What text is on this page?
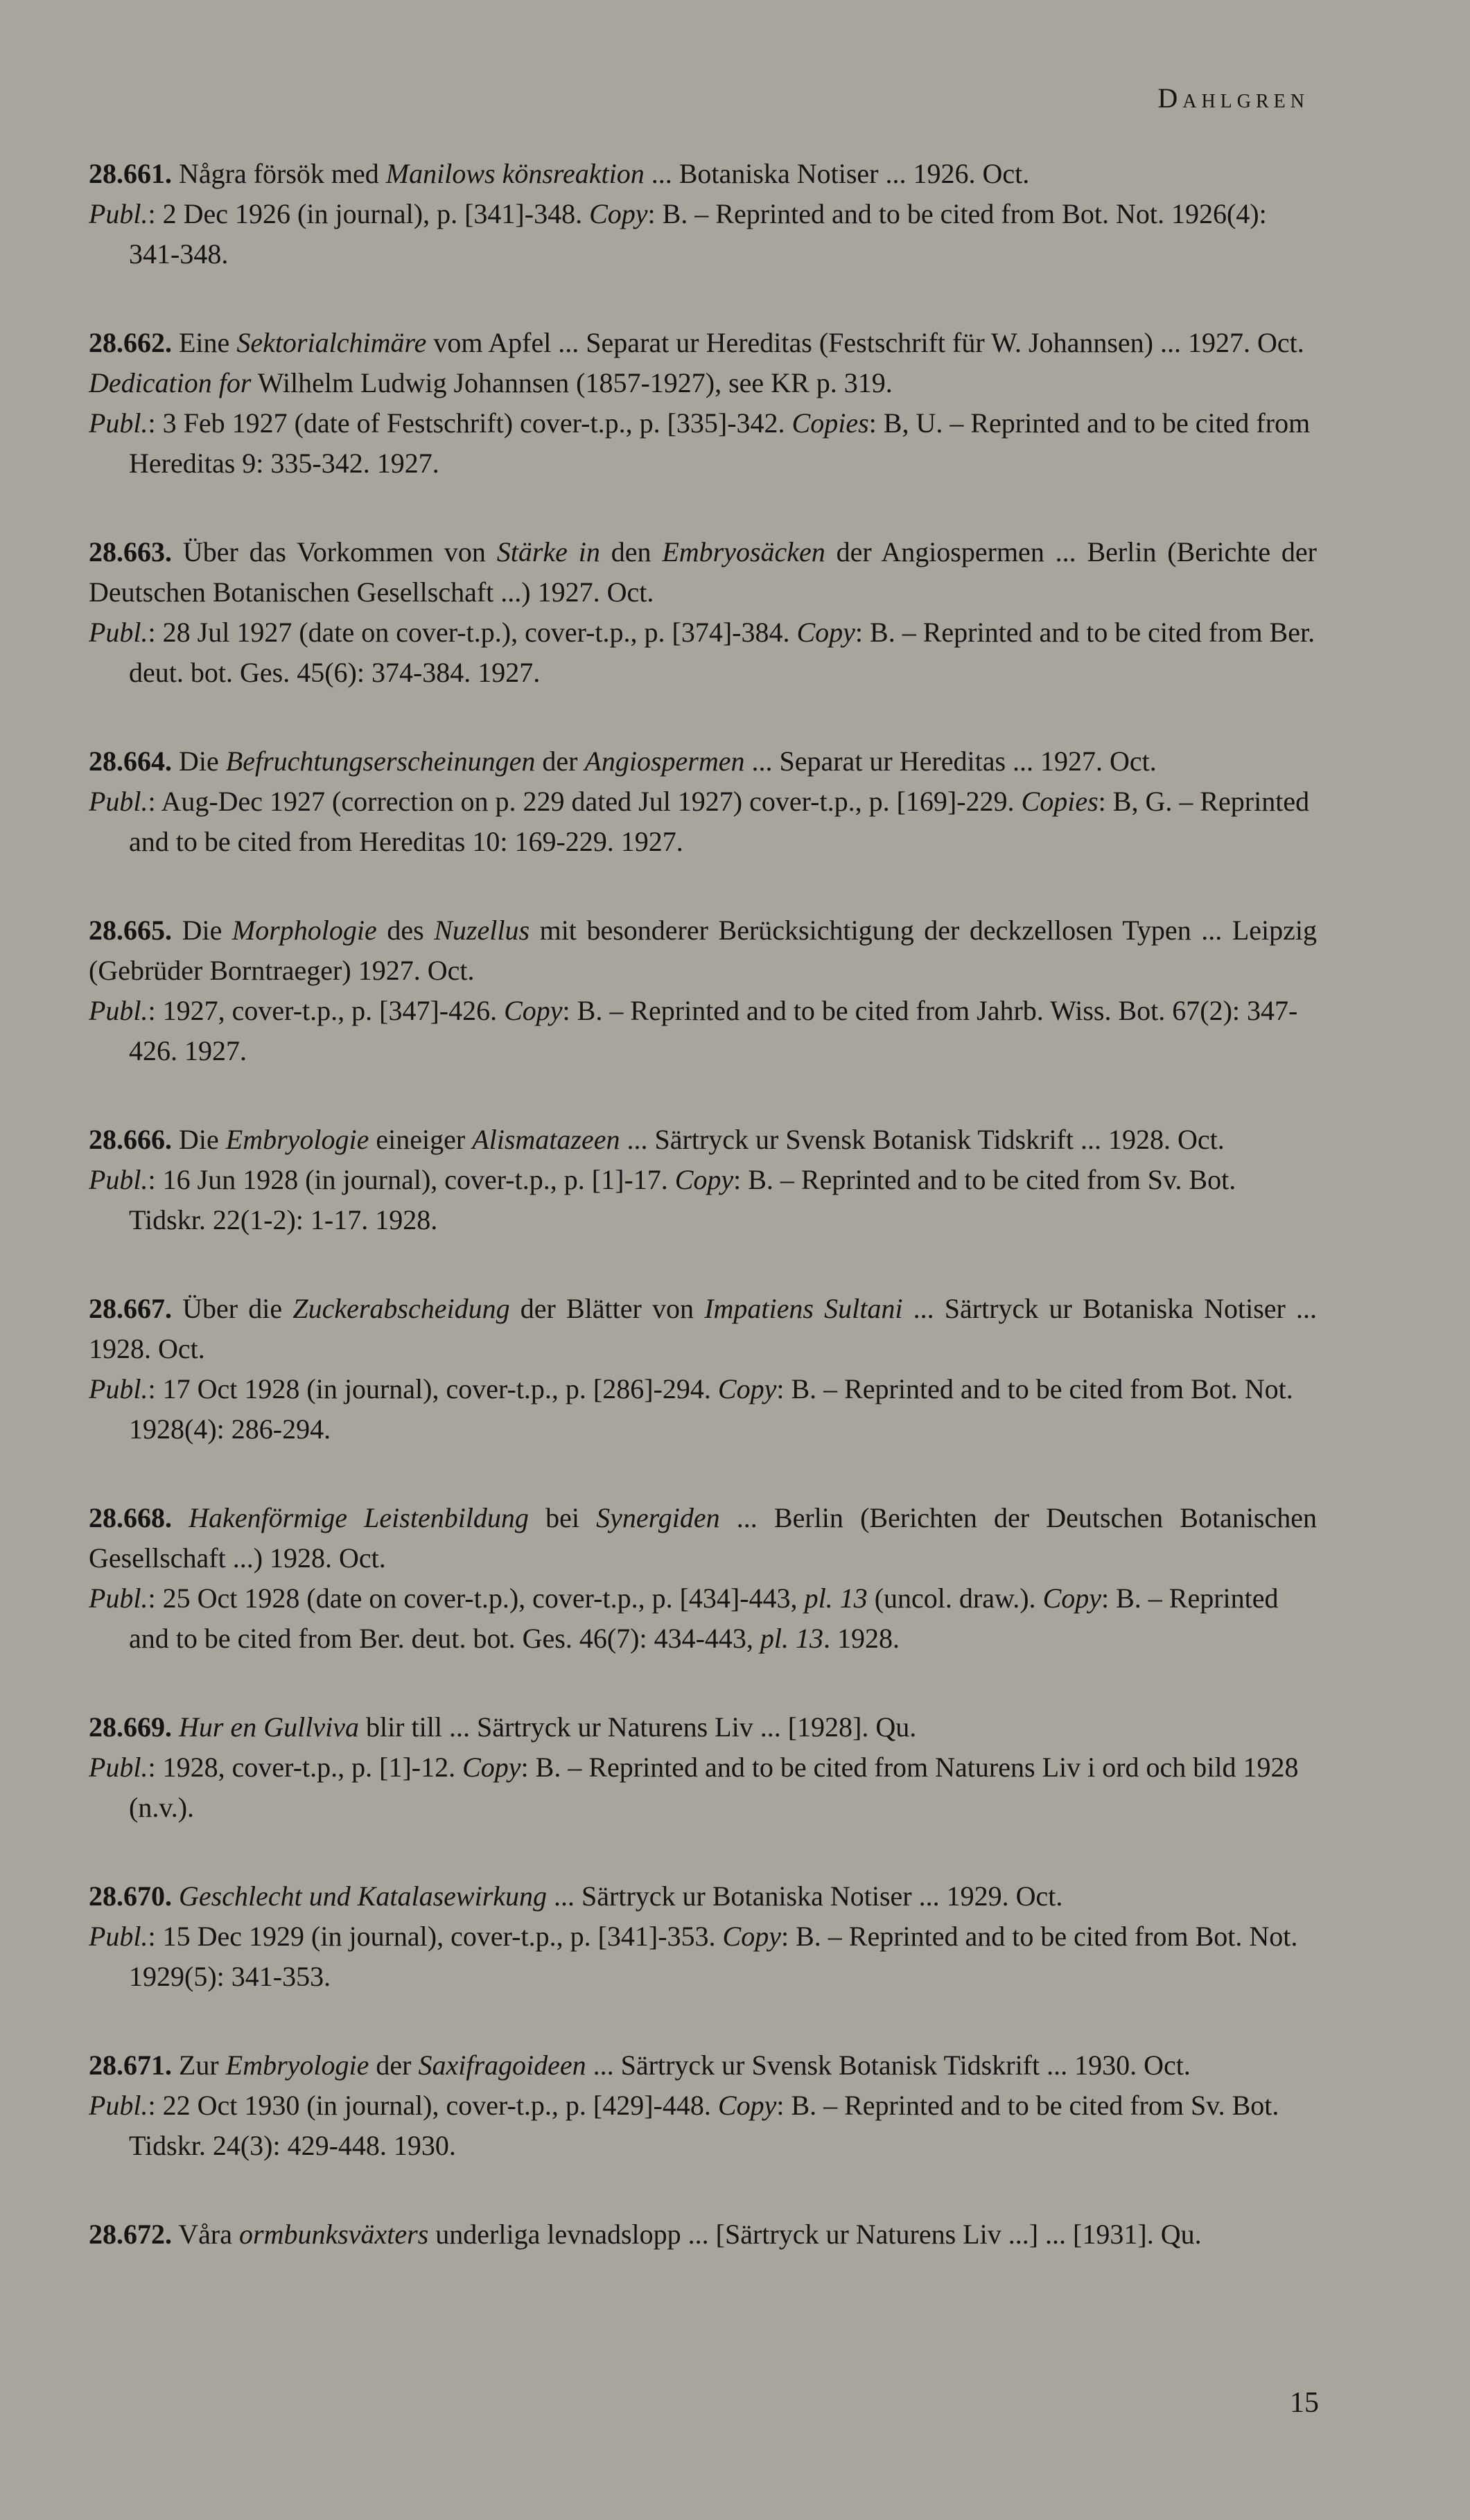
Dahlgren
28.661. Några försök med Manilows könsreaktion ... Botaniska Notiser ... 1926. Oct.
Publ.: 2 Dec 1926 (in journal), p. [341]-348. Copy: B. – Reprinted and to be cited from Bot. Not. 1926(4): 341-348.
28.662. Eine Sektorialchimäre vom Apfel ... Separat ur Hereditas (Festschrift für W. Johannsen) ... 1927. Oct.
Dedication for Wilhelm Ludwig Johannsen (1857-1927), see KR p. 319.
Publ.: 3 Feb 1927 (date of Festschrift) cover-t.p., p. [335]-342. Copies: B, U. – Reprinted and to be cited from Hereditas 9: 335-342. 1927.
28.663. Über das Vorkommen von Stärke in den Embryosäcken der Angiospermen ... Berlin (Berichte der Deutschen Botanischen Gesellschaft ...) 1927. Oct.
Publ.: 28 Jul 1927 (date on cover-t.p.), cover-t.p., p. [374]-384. Copy: B. – Reprinted and to be cited from Ber. deut. bot. Ges. 45(6): 374-384. 1927.
28.664. Die Befruchtungserscheinungen der Angiospermen ... Separat ur Hereditas ... 1927. Oct.
Publ.: Aug-Dec 1927 (correction on p. 229 dated Jul 1927) cover-t.p., p. [169]-229. Copies: B, G. – Reprinted and to be cited from Hereditas 10: 169-229. 1927.
28.665. Die Morphologie des Nuzellus mit besonderer Berücksichtigung der deckzellosen Typen ... Leipzig (Gebrüder Borntraeger) 1927. Oct.
Publ.: 1927, cover-t.p., p. [347]-426. Copy: B. – Reprinted and to be cited from Jahrb. Wiss. Bot. 67(2): 347-426. 1927.
28.666. Die Embryologie eineiger Alismatazeen ... Särtryck ur Svensk Botanisk Tidskrift ... 1928. Oct.
Publ.: 16 Jun 1928 (in journal), cover-t.p., p. [1]-17. Copy: B. – Reprinted and to be cited from Sv. Bot. Tidskr. 22(1-2): 1-17. 1928.
28.667. Über die Zuckerabscheidung der Blätter von Impatiens Sultani ... Särtryck ur Botaniska Notiser ... 1928. Oct.
Publ.: 17 Oct 1928 (in journal), cover-t.p., p. [286]-294. Copy: B. – Reprinted and to be cited from Bot. Not. 1928(4): 286-294.
28.668. Hakenförmige Leistenbildung bei Synergiden ... Berlin (Berichten der Deutschen Botanischen Gesellschaft ...) 1928. Oct.
Publ.: 25 Oct 1928 (date on cover-t.p.), cover-t.p., p. [434]-443, pl. 13 (uncol. draw.). Copy: B. – Reprinted and to be cited from Ber. deut. bot. Ges. 46(7): 434-443, pl. 13. 1928.
28.669. Hur en Gullviva blir till ... Särtryck ur Naturens Liv ... [1928]. Qu.
Publ.: 1928, cover-t.p., p. [1]-12. Copy: B. – Reprinted and to be cited from Naturens Liv i ord och bild 1928 (n.v.).
28.670. Geschlecht und Katalasewirkung ... Särtryck ur Botaniska Notiser ... 1929. Oct.
Publ.: 15 Dec 1929 (in journal), cover-t.p., p. [341]-353. Copy: B. – Reprinted and to be cited from Bot. Not. 1929(5): 341-353.
28.671. Zur Embryologie der Saxifragoideen ... Särtryck ur Svensk Botanisk Tidskrift ... 1930. Oct.
Publ.: 22 Oct 1930 (in journal), cover-t.p., p. [429]-448. Copy: B. – Reprinted and to be cited from Sv. Bot. Tidskr. 24(3): 429-448. 1930.
28.672. Våra ormbunksväxters underliga levnadslopp ... [Särtryck ur Naturens Liv ...] ... [1931]. Qu.
15
